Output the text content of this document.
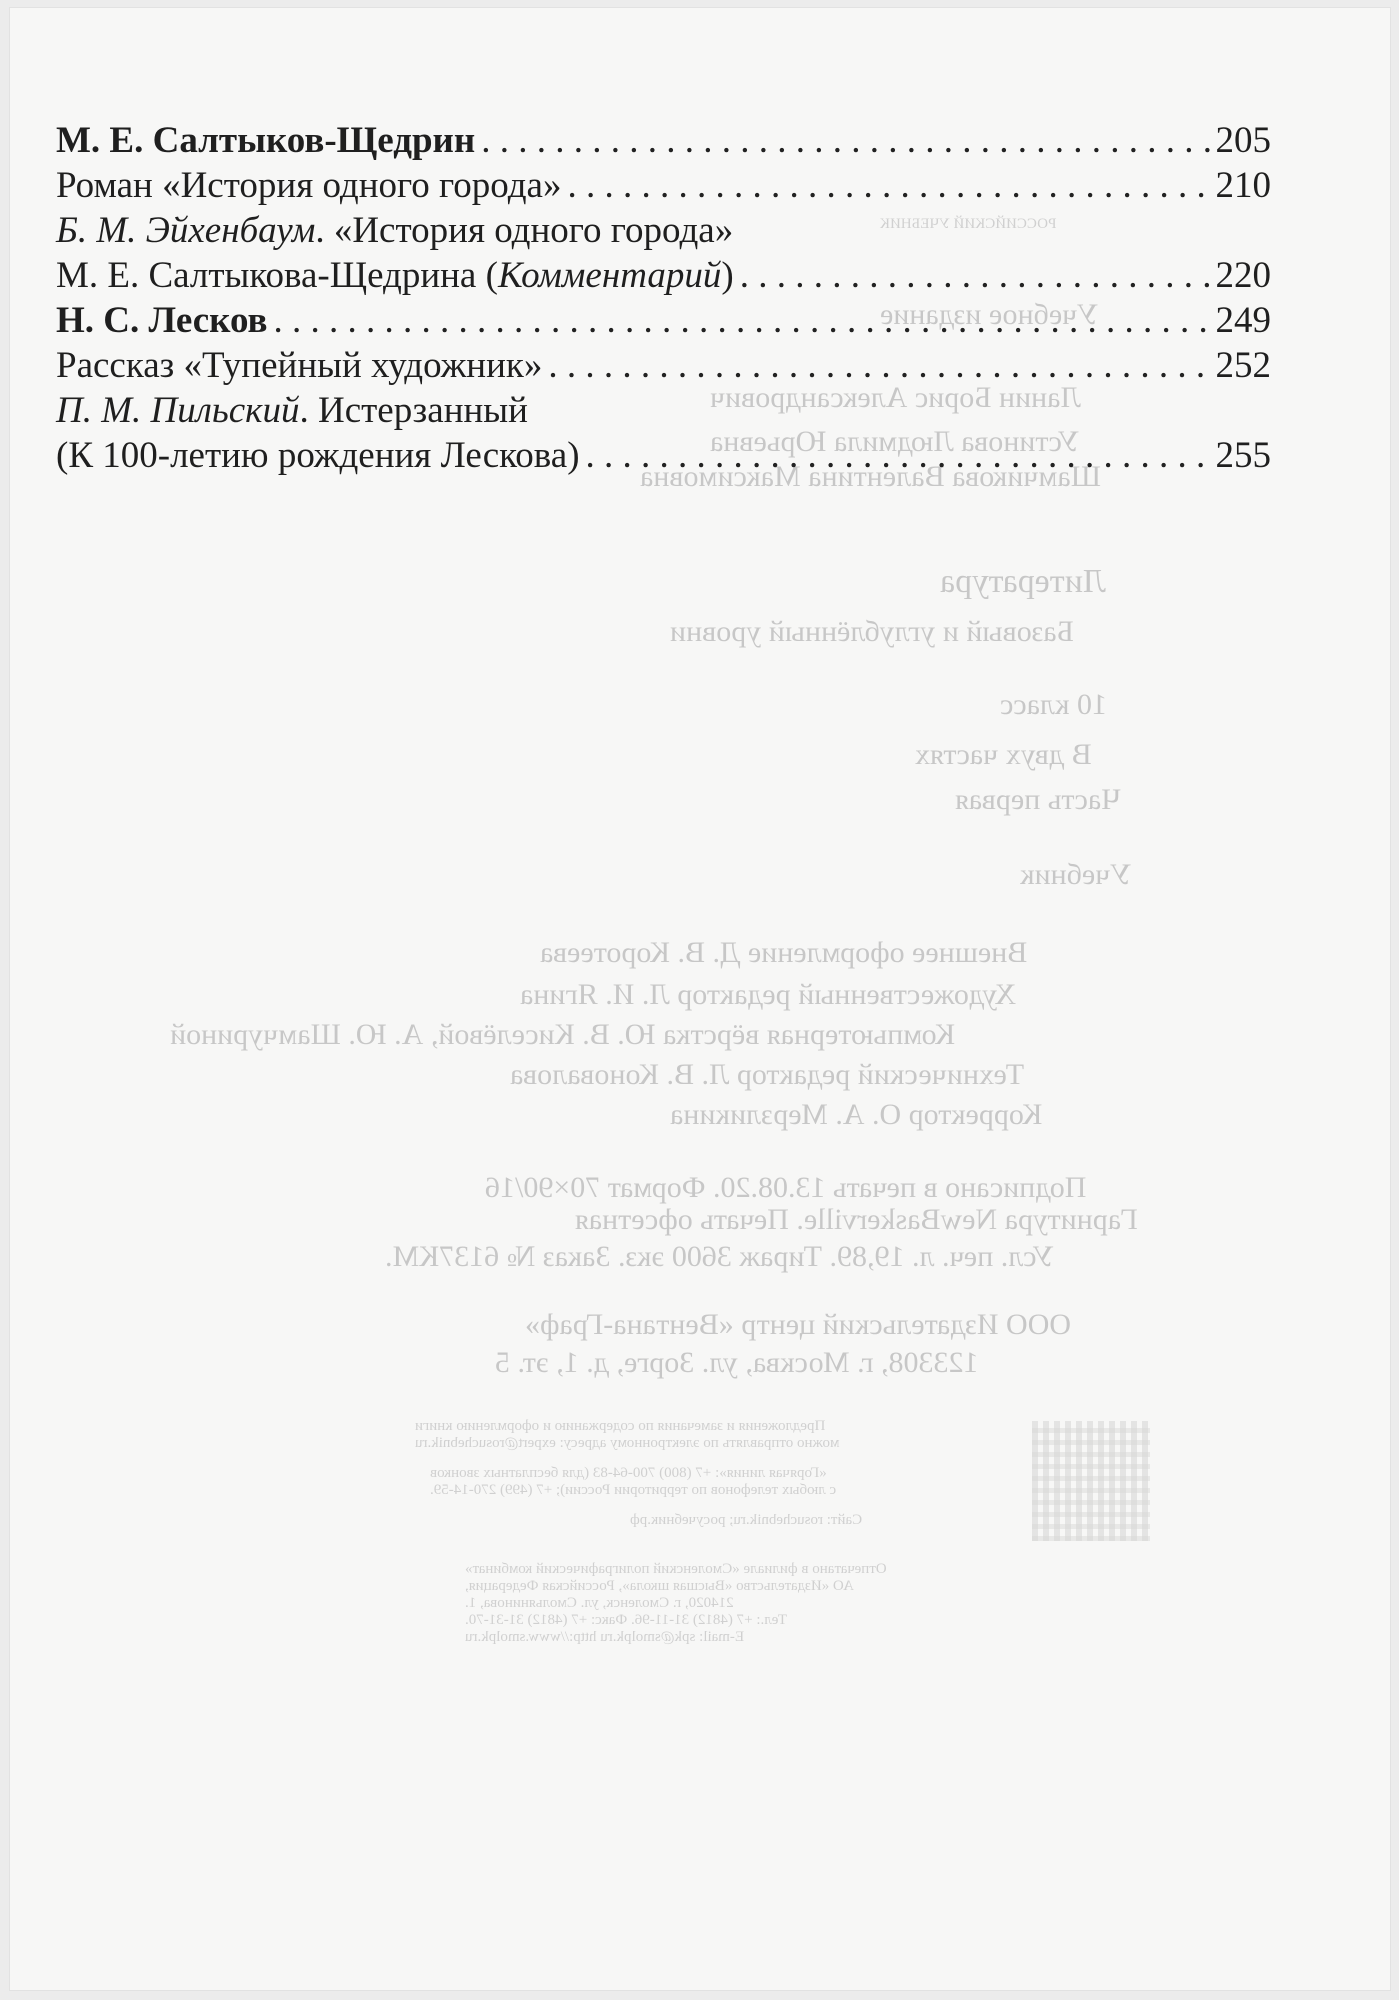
РОССИЙСКИЙ УЧЕБНИК
Учебное издание
Ланин Борис Александрович
Устинова Людмила Юрьевна
Шамчикова Валентина Максимовна
Литература
Базовый и углублённый уровни
10 класс
В двух частях
Часть первая
Учебник
Внешнее оформление Д. В. Коротеева
Художественный редактор Л. И. Ягина
Компьютерная вёрстка Ю. В. Киселёвой, А. Ю. Шамчуриной
Технический редактор Л. В. Коновалова
Корректор О. А. Мерзликина
Подписано в печать 13.08.20. Формат 70×90/16
Гарнитура NewBaskerville. Печать офсетная
Усл. печ. л. 19,89. Тираж 3600 экз. Заказ № 6137КМ.
ООО Издательский центр «Вентана-Граф»
123308, г. Москва, ул. Зорге, д. 1, эт. 5
Предложения и замечания по содержанию и оформлению книги
можно отправлять по электронному адресу: expert@rosuchebnik.ru
«Горячая линия»: +7 (800) 700-64-83 (для бесплатных звонков
с любых телефонов по территории России); +7 (499) 270-14-59.
Сайт: rosuchebnik.ru; росучебник.рф
Отпечатано в филиале «Смоленский полиграфический комбинат»
АО «Издательство «Высшая школа», Российская Федерация,
214020, г. Смоленск, ул. Смольянинова, 1.
Тел.: +7 (4812) 31-11-96. Факс: +7 (4812) 31-31-70.
E-mail: spk@smolpk.ru http://www.smolpk.ru
М. Е. Салтыков-Щедрин . . .	205
Роман «История одного города» . . .	210
Б. М. Эйхенбаум. «История одного города»
М. Е. Салтыкова-Щедрина (Комментарий) . . .	220
Н. С. Лесков . . .	249
Рассказ «Тупейный художник» . . .	252
П. М. Пильский. Истерзанный
(К 100-летию рождения Лескова) . . .	255
